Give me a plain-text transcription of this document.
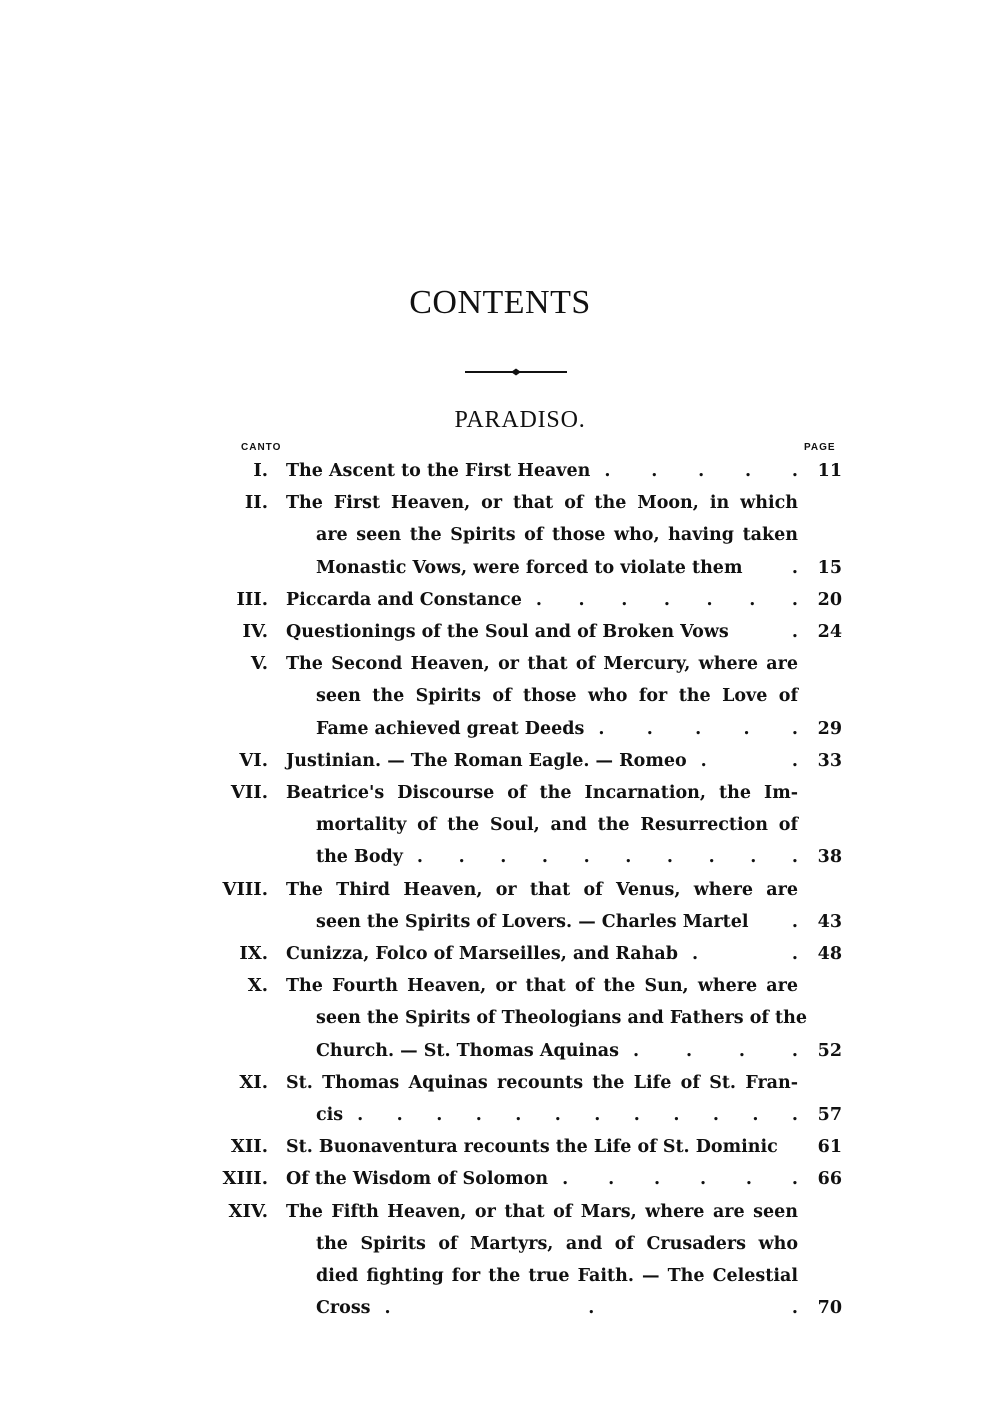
CONTENTS
PARADISO.
CANTO	PAGE
I. The Ascent to the First Heaven . . . . .	11
II. The First Heaven, or that of the Moon, in which
are seen the Spirits of those who, having taken
Monastic Vows, were forced to violate them	.	15
III. Piccarda and Constance . . . . . . .	20
IV. Questionings of the Soul and of Broken Vows	.	24
V. The Second Heaven, or that of Mercury, where are
seen the Spirits of those who for the Love of
Fame achieved great Deeds . . . . .	29
VI. Justinian. — The Roman Eagle. — Romeo . .	33
VII. Beatrice's Discourse of the Incarnation, the Im-
mortality of the Soul, and the Resurrection of
the Body . . . . . . . . . .	38
VIII. The Third Heaven, or that of Venus, where are
seen the Spirits of Lovers. — Charles Martel .	43
IX. Cunizza, Folco of Marseilles, and Rahab . .	48
X. The Fourth Heaven, or that of the Sun, where are
seen the Spirits of Theologians and Fathers of the
Church. — St. Thomas Aquinas . . . .	52
XI. St. Thomas Aquinas recounts the Life of St. Fran-
cis . . . . . . . . . . . .	57
XII. St. Buonaventura recounts the Life of St. Dominic	61
XIII. Of the Wisdom of Solomon . . . . . .	66
XIV. The Fifth Heaven, or that of Mars, where are seen
the Spirits of Martyrs, and of Crusaders who
died fighting for the true Faith. — The Celestial
Cross . . .	70
